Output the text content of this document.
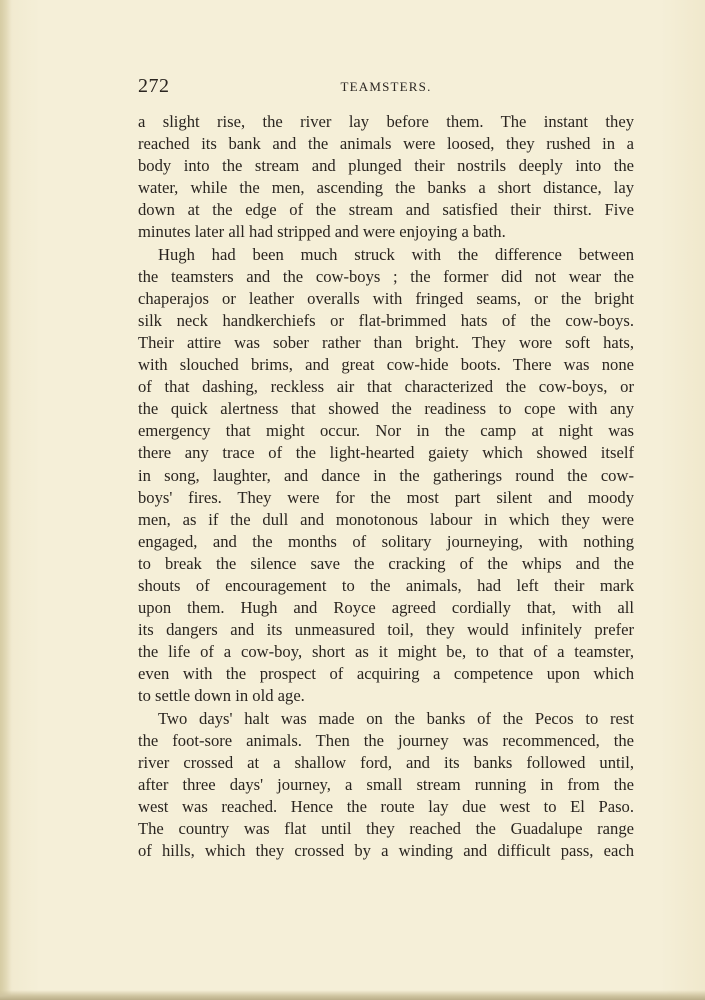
272	TEAMSTERS.
a slight rise, the river lay before them. The instant they
reached its bank and the animals were loosed, they rushed in a
body into the stream and plunged their nostrils deeply into the
water, while the men, ascending the banks a short distance, lay
down at the edge of the stream and satisfied their thirst. Five
minutes later all had stripped and were enjoying a bath.
Hugh had been much struck with the difference between
the teamsters and the cow-boys ; the former did not wear the
chaperajos or leather overalls with fringed seams, or the bright
silk neck handkerchiefs or flat-brimmed hats of the cow-boys.
Their attire was sober rather than bright. They wore soft hats,
with slouched brims, and great cow-hide boots. There was none
of that dashing, reckless air that characterized the cow-boys, or
the quick alertness that showed the readiness to cope with any
emergency that might occur. Nor in the camp at night was
there any trace of the light-hearted gaiety which showed itself
in song, laughter, and dance in the gatherings round the cow-
boys' fires. They were for the most part silent and moody
men, as if the dull and monotonous labour in which they were
engaged, and the months of solitary journeying, with nothing
to break the silence save the cracking of the whips and the
shouts of encouragement to the animals, had left their mark
upon them. Hugh and Royce agreed cordially that, with all
its dangers and its unmeasured toil, they would infinitely prefer
the life of a cow-boy, short as it might be, to that of a teamster,
even with the prospect of acquiring a competence upon which
to settle down in old age.
Two days' halt was made on the banks of the Pecos to rest
the foot-sore animals. Then the journey was recommenced, the
river crossed at a shallow ford, and its banks followed until,
after three days' journey, a small stream running in from the
west was reached. Hence the route lay due west to El Paso.
The country was flat until they reached the Guadalupe range
of hills, which they crossed by a winding and difficult pass, each
